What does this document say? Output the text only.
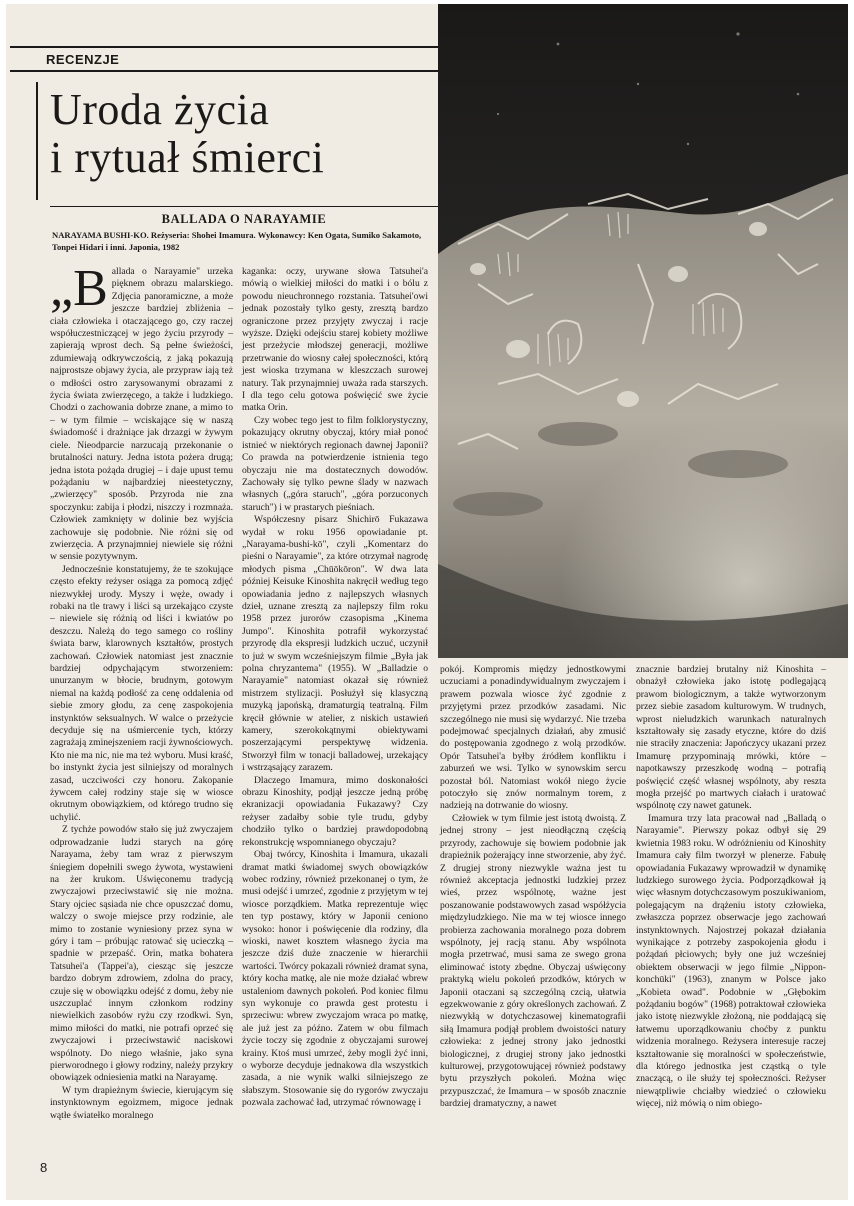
RECENZJE
Uroda życia
i rytuał śmierci
BALLADA O NARAYAMIE
NARAYAMA BUSHI-KO. Reżyseria: Shohei Imamura. Wykonawcy: Ken Ogata, Sumiko Sakamoto, Tonpei Hidari i inni. Japonia, 1982

„Ballada o Narayamie" urzeka pięknem obrazu malarskiego. Zdjęcia panoramiczne, a może jeszcze bardziej zbliżenia – ciała człowieka i otaczającego go, czy raczej współuczestniczącej w jego życiu przyrody – zapierają wprost dech. Są pełne świeżości, zdumiewają odkrywczością, z jaką pokazują najprostsze objawy życia, ale przypraw iają też o mdłości ostro zarysowanymi obrazami z życia świata zwierzęcego, a także i ludzkiego. Chodzi o zachowania dobrze znane, a mimo to – w tym filmie – wciskające się w naszą świadomość i drażniące jak drzazgi w żywym ciele. Nieodparcie narzucają przekonanie o brutalności natury. Jedna istota pożera drugą; jedna istota pożąda drugiej – i daje upust temu pożądaniu w najbardziej nieestetyczny, „zwierzęcy" sposób. Przyroda nie zna spoczynku: zabija i płodzi, niszczy i rozmnaża. Człowiek zamknięty w dolinie bez wyjścia zachowuje się podobnie. Nie różni się od zwierzęcia. A przynajmniej niewiele się różni w sensie pozytywnym.

Jednocześnie konstatujemy, że te szokujące często efekty reżyser osiąga za pomocą zdjęć niezwykłej urody. Myszy i węże, owady i robaki na tle trawy i liści są urzekająco czyste – niewiele się różnią od liści i kwiatów po deszczu. Należą do tego samego co rośliny świata barw, klarownych kształtów, prostych zachowań. Człowiek natomiast jest znacznie bardziej odpychającym stworzeniem: unurzanym w błocie, brudnym, gotowym niemal na każdą podłość za cenę oddalenia od siebie zmory głodu, za cenę zaspokojenia instynktów seksualnych. W walce o przeżycie decyduje się na uśmiercenie tych, którzy zagrażają zminejszeniem racji żywnościowych. Kto nie ma nic, nie ma też wyboru. Musi kraść, bo instynkt życia jest silniejszy od moralnych zasad, uczciwości czy honoru. Zakopanie żywcem całej rodziny staje się w wiosce okrutnym obowiązkiem, od którego trudno się uchylić.

Z tychże powodów stało się już zwyczajem odprowadzanie ludzi starych na górę Narayama, żeby tam wraz z pierwszym śniegiem dopełnili swego żywota, wystawieni na żer krukom. Uświęconemu tradycją zwyczajowi przeciwstawić się nie można. Stary ojciec sąsiada nie chce opuszczać domu, walczy o swoje miejsce przy rodzinie, ale mimo to zostanie wyniesiony przez syna w góry i tam – próbując ratować się ucieczką – spadnie w przepaść. Orin, matka bohatera Tatsuhei'a (Tappei'a), ciesząc się jeszcze bardzo dobrym zdrowiem, zdolna do pracy, czuje się w obowiązku odejść z domu, żeby nie uszczuplać innym członkom rodziny niewielkich zasobów ryżu czy rzodkwi. Syn, mimo miłości do matki, nie potrafi oprzeć się zwyczajowi i przeciwstawić naciskowi wspólnoty. Do niego właśnie, jako syna pierworodnego i głowy rodziny, należy przykry obowiązek odniesienia matki na Narayamę.

W tym drapieżnym świecie, kierującym się instynktownym egoizmem, migoce jednak wątłe światełko moralnego

kaganka: oczy, urywane słowa Tatsuhei'a mówią o wielkiej miłości do matki i o bólu z powodu nieuchronnego rozstania. Tatsuhei'owi jednak pozostały tylko gesty, zresztą bardzo ograniczone przez przyjęty zwyczaj i racje wyższe. Dzięki odejściu starej kobiety możliwe jest przeżycie młodszej generacji, możliwe przetrwanie do wiosny całej społeczności, którą jest wioska trzymana w kleszczach surowej natury. Tak przynajmniej uważa rada starszych. I dla tego celu gotowa poświęcić swe życie matka Orin.

Czy wobec tego jest to film folklorystyczny, pokazujący okrutny obyczaj, który miał ponoć istnieć w niektórych regionach dawnej Japonii? Co prawda na potwierdzenie istnienia tego obyczaju nie ma dostatecznych dowodów. Zachowały się tylko pewne ślady w nazwach własnych („góra staruch", „góra porzuconych staruch") i w prastarych pieśniach.

Współczesny pisarz Shichirō Fukazawa wydał w roku 1956 opowiadanie pt. „Narayama-bushi-kō", czyli „Komentarz do pieśni o Narayamie", za które otrzymał nagrodę młodych pisma „Chūōkōron". W dwa lata później Keisuke Kinoshita nakręcił według tego opowiadania jedno z najlepszych własnych dzieł, uznane zresztą za najlepszy film roku 1958 przez jurorów czasopisma „Kinema Jumpo". Kinoshita potrafił wykorzystać przyrodę dla ekspresji ludzkich uczuć, uczynił to już w swym wcześniejszym filmie „Była jak polna chryzantema" (1955). W „Balladzie o Narayamie" natomiast okazał się również mistrzem stylizacji. Posłużył się klasyczną muzyką japońską, dramaturgią teatralną. Film kręcił głównie w atelier, z niskich ustawień kamery, szerokokątnymi obiektywami poszerzającymi perspektywę widzenia. Stworzył film w tonacji balladowej, urzekający i wstrząsający zarazem.

Dlaczego Imamura, mimo doskonałości obrazu Kinoshity, podjął jeszcze jedną próbę ekranizacji opowiadania Fukazawy? Czy reżyser zadałby sobie tyle trudu, gdyby chodziło tylko o bardziej prawdopodobną rekonstrukcję wspomnianego obyczaju?

Obaj twórcy, Kinoshita i Imamura, ukazali dramat matki świadomej swych obowiązków wobec rodziny, również przekonanej o tym, że musi odejść i umrzeć, zgodnie z przyjętym w tej wiosce porządkiem. Matka reprezentuje więc ten typ postawy, który w Japonii ceniono wysoko: honor i poświęcenie dla rodziny, dla wioski, nawet kosztem własnego życia ma jeszcze dziś duże znaczenie w hierarchii wartości. Twórcy pokazali również dramat syna, który kocha matkę, ale nie może działać wbrew ustaleniom dawnych pokoleń. Pod koniec filmu syn wykonuje co prawda gest protestu i sprzeciwu: wbrew zwyczajom wraca po matkę, ale już jest za późno. Zatem w obu filmach życie toczy się zgodnie z obyczajami surowej krainy. Ktoś musi umrzeć, żeby mogli żyć inni, o wyborze decyduje jednakowa dla wszystkich zasada, a nie wynik walki silniejszego ze słabszym. Stosowanie się do rygorów zwyczaju pozwala zachować ład, utrzymać równowagę i

pokój. Kompromis między jednostkowymi uczuciami a ponadindywidualnym zwyczajem i prawem pozwala wiosce żyć zgodnie z przyjętymi przez przodków zasadami. Nic szczególnego nie musi się wydarzyć. Nie trzeba podejmować specjalnych działań, aby zmusić do postępowania zgodnego z wolą przodków. Opór Tatsuhei'a byłby źródłem konfliktu i zaburzeń we wsi. Tylko w synowskim sercu pozostał ból. Natomiast wokół niego życie potoczyło się znów normalnym torem, z nadzieją na dotrwanie do wiosny.

Człowiek w tym filmie jest istotą dwoistą. Z jednej strony – jest nieodłączną częścią przyrody, zachowuje się bowiem podobnie jak drapieżnik pożerający inne stworzenie, aby żyć. Z drugiej strony niezwykle ważna jest tu również akceptacja jednostki ludzkiej przez wieś, przez wspólnotę, ważne jest poszanowanie podstawowych zasad współżycia międzyludzkiego. Nie ma w tej wiosce innego probierza zachowania moralnego poza dobrem wspólnoty, jej racją stanu. Aby wspólnota mogła przetrwać, musi sama ze swego grona eliminować istoty zbędne. Obyczaj uświęcony praktyką wielu pokoleń przodków, których w Japonii otaczani są szczególną czcią, ułatwia egzekwowanie z góry określonych zachowań. Z niezwykłą w dotychczasowej kinematografii siłą Imamura podjął problem dwoistości natury człowieka: z jednej strony jako jednostki biologicznej, z drugiej strony jako jednostki kulturowej, przygotowującej również podstawy bytu przyszłych pokoleń. Można więc przypuszczać, że Imamura – w sposób znacznie bardziej dramatyczny, a nawet

znacznie bardziej brutalny niż Kinoshita – obnażył człowieka jako istotę podlegającą prawom biologicznym, a także wytworzonym przez siebie zasadom kulturowym. W trudnych, wprost nieludzkich warunkach naturalnych kształtowały się zasady etyczne, które do dziś nie straciły znaczenia: Japończycy ukazani przez Imamurę przypominają mrówki, które – napotkawszy przeszkodę wodną – potrafią poświęcić część własnej wspólnoty, aby reszta mogła przejść po martwych ciałach i uratować wspólnotę czy nawet gatunek.

Imamura trzy lata pracował nad „Balladą o Narayamie". Pierwszy pokaz odbył się 29 kwietnia 1983 roku. W odróżnieniu od Kinoshity Imamura cały film tworzył w plenerze. Fabułę opowiadania Fukazawy wprowadził w dynamikę ludzkiego surowego życia. Podporządkował ją więc własnym dotychczasowym poszukiwaniom, polegającym na drążeniu istoty człowieka, zwłaszcza poprzez obserwacje jego zachowań instynktownych. Najostrzej pokazał działania wynikające z potrzeby zaspokojenia głodu i pożądań płciowych; były one już wcześniej obiektem obserwacji w jego filmie „Nippon-konchūki" (1963), znanym w Polsce jako „Kobieta owad". Podobnie w „Głębokim pożądaniu bogów" (1968) potraktował człowieka jako istotę niezwykle złożoną, nie poddającą się łatwemu uporządkowaniu choćby z punktu widzenia moralnego. Reżysera interesuje raczej kształtowanie się moralności w społeczeństwie, dla którego jednostka jest cząstką o tyle znaczącą, o ile służy tej społeczności. Reżyser niewątpliwie chciałby wiedzieć o człowieku więcej, niż mówią o nim obiego-

8
